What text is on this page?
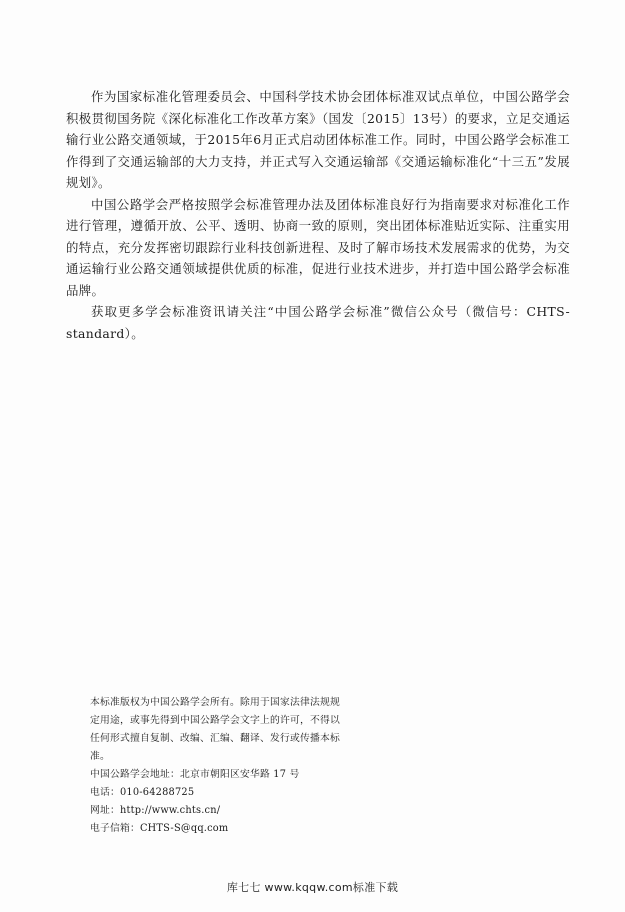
作为国家标准化管理委员会、中国科学技术协会团体标准双试点单位，中国公路学会积极贯彻国务院《深化标准化工作改革方案》（国发〔2015〕13号）的要求，立足交通运输行业公路交通领域，于2015年6月正式启动团体标准工作。同时，中国公路学会标准工作得到了交通运输部的大力支持，并正式写入交通运输部《交通运输标准化“十三五”发展规划》。

中国公路学会严格按照学会标准管理办法及团体标准良好行为指南要求对标准化工作进行管理，遵循开放、公平、透明、协商一致的原则，突出团体标准贴近实际、注重实用的特点，充分发挥密切跟踪行业科技创新进程、及时了解市场技术发展需求的优势，为交通运输行业公路交通领域提供优质的标准，促进行业技术进步，并打造中国公路学会标准品牌。

获取更多学会标准资讯请关注“中国公路学会标准”微信公众号（微信号：CHTS-standard）。

本标准版权为中国公路学会所有。除用于国家法律法规规定用途，或事先得到中国公路学会文字上的许可，不得以任何形式擅自复制、改编、汇编、翻译、发行或传播本标准。

中国公路学会地址：北京市朝阳区安华路 17 号

电话：010-64288725

网址：http://www.chts.cn/

电子信箱：CHTS-S@qq.com

库七七 www.kqqw.com标准下载
